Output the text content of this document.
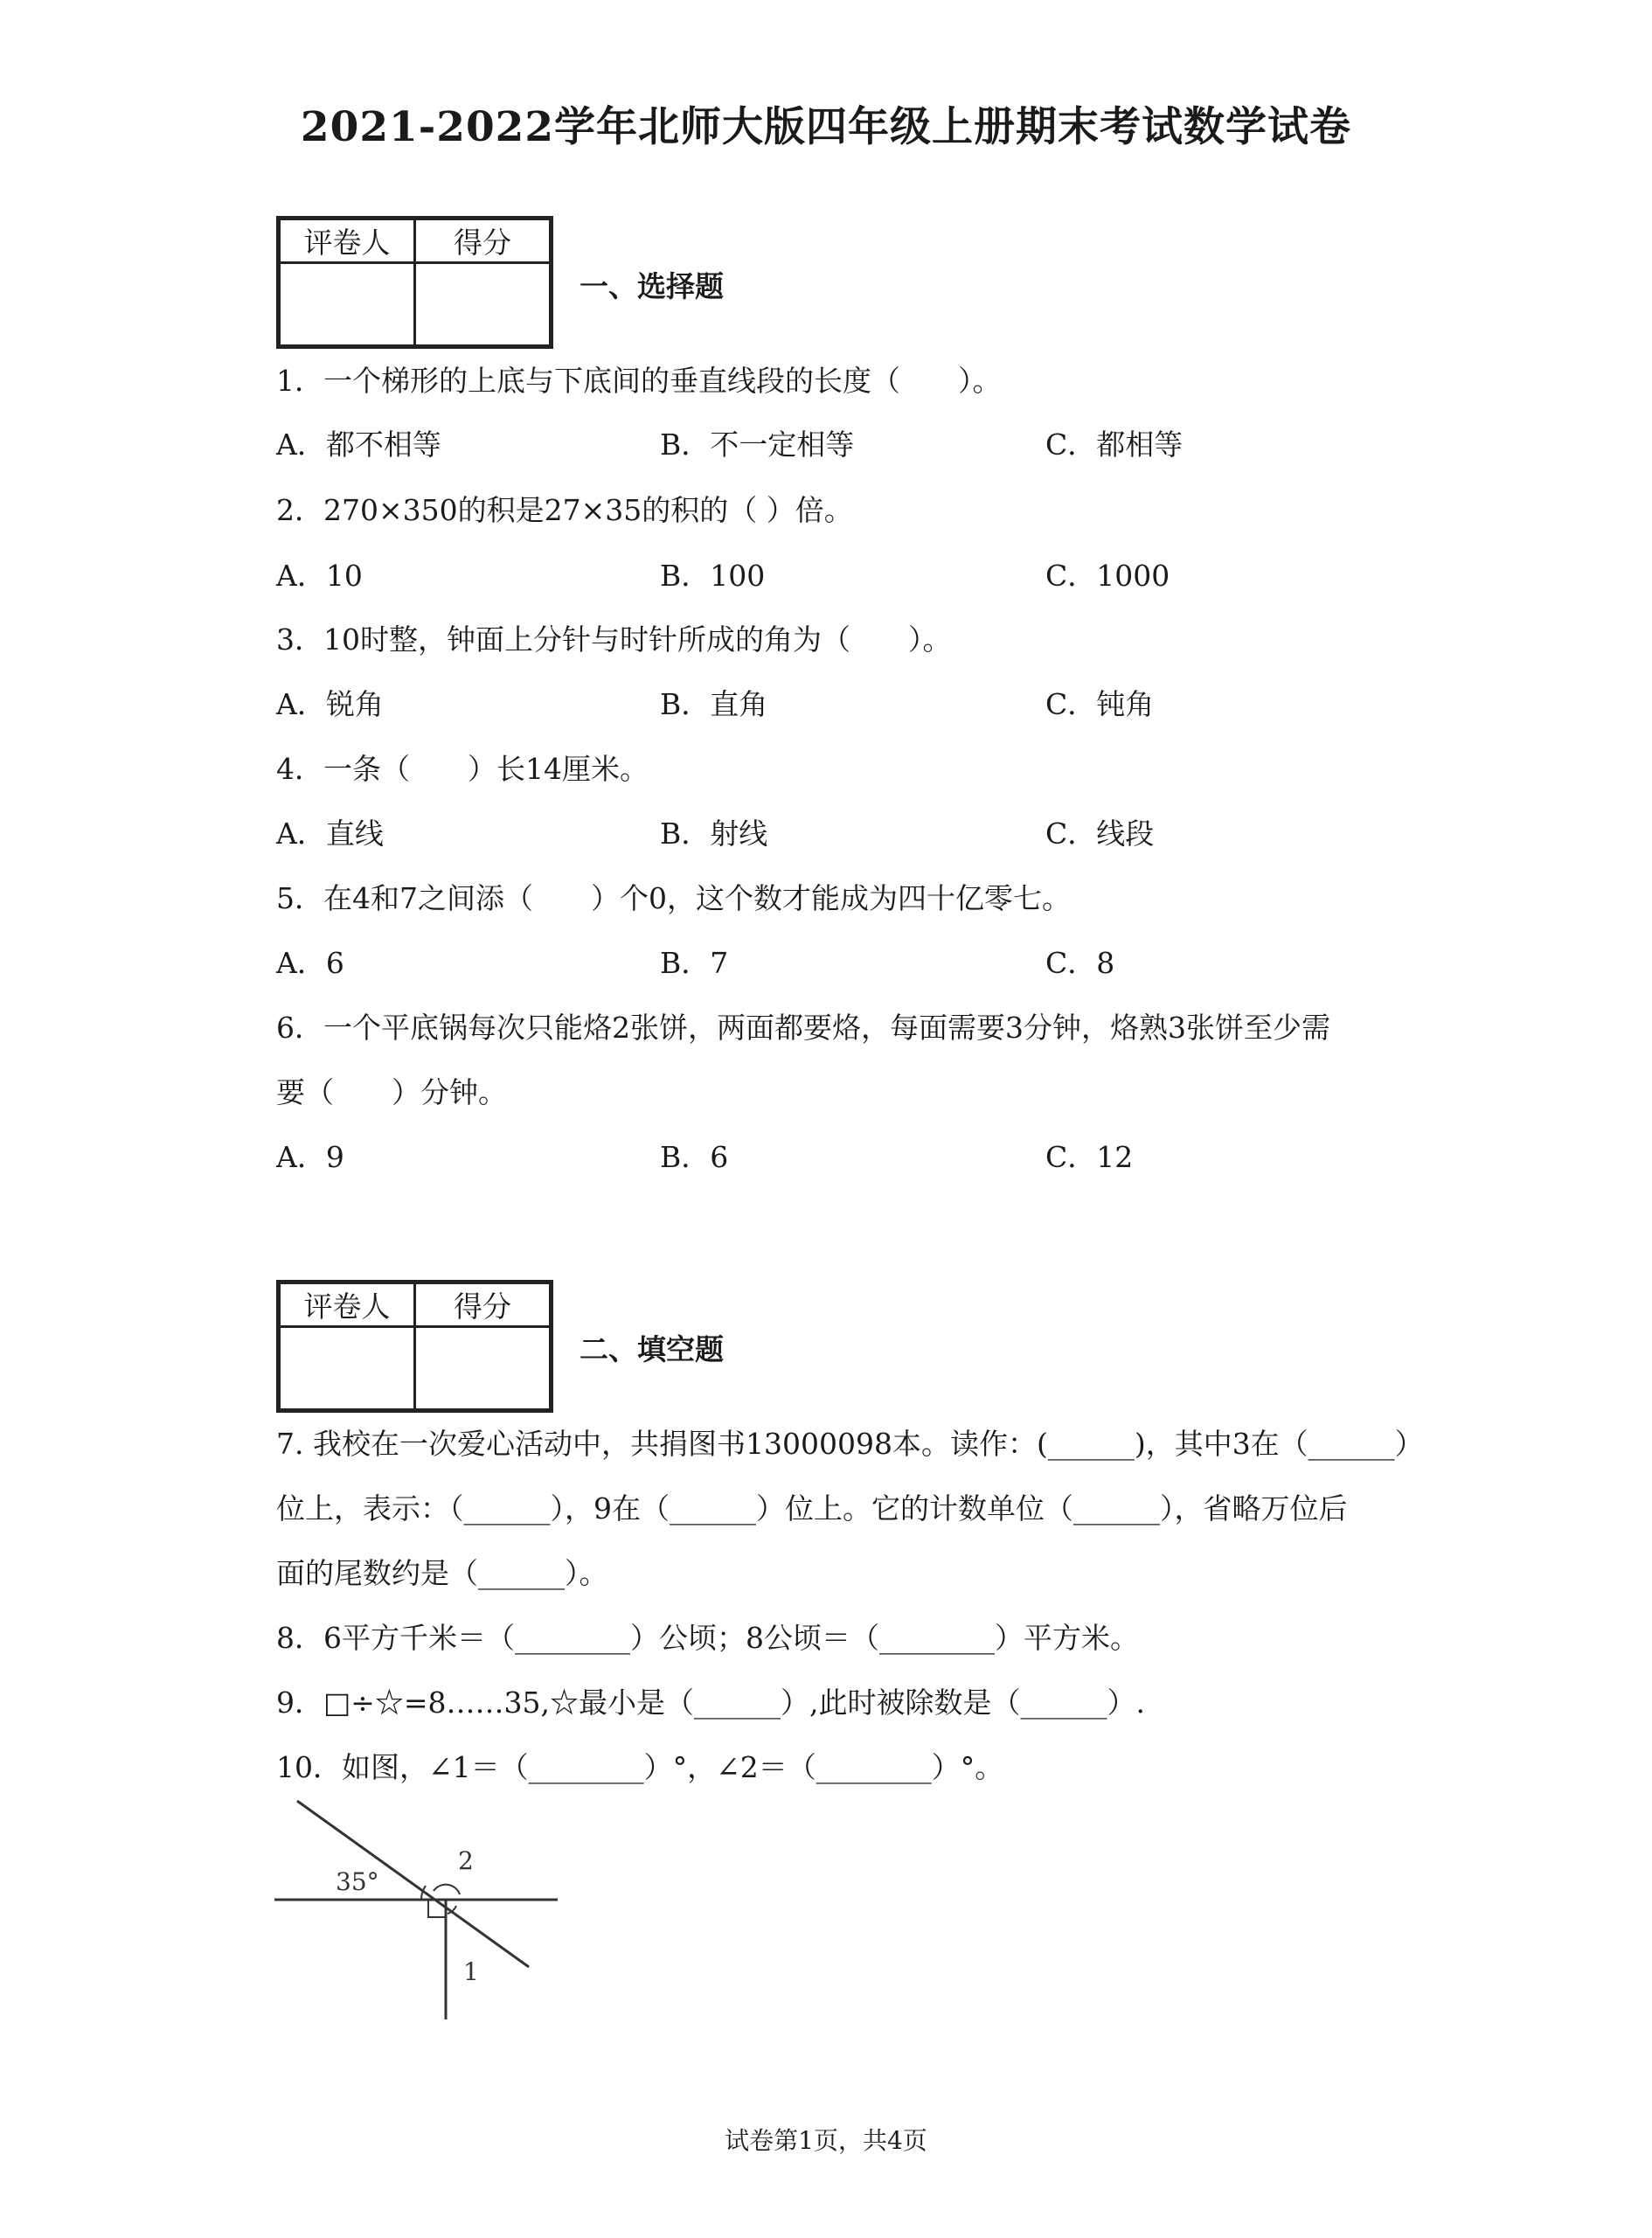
2021-2022学年北师大版四年级上册期末考试数学试卷
评卷人	得分

一、选择题
1．一个梯形的上底与下底间的垂直线段的长度（　　）。
A．都不相等	B．不一定相等	C．都相等
2．270×350的积是27×35的积的（ ）倍。
A．10	B．100	C．1000
3．10时整，钟面上分针与时针所成的角为（　　）。
A．锐角	B．直角	C．钝角
4．一条（　　）长14厘米。
A．直线	B．射线	C．线段
5．在4和7之间添（　　）个0，这个数才能成为四十亿零七。
A．6	B．7	C．8
6．一个平底锅每次只能烙2张饼，两面都要烙，每面需要3分钟，烙熟3张饼至少需
要（　　）分钟。
A．9	B．6	C．12
评卷人	得分

二、填空题
7. 我校在一次爱心活动中，共捐图书13000098本。读作：(______)，其中3在（______）
位上，表示：（______），9在（______）位上。它的计数单位（______），省略万位后
面的尾数约是（______）。
8．6平方千米＝（________）公顷；8公顷＝（________）平方米。
9．□÷☆=8……35,☆最小是（______）,此时被除数是（______）.
10．如图，∠1＝（________）°，∠2＝（________）°。
35°
2
1
试卷第1页，共4页
